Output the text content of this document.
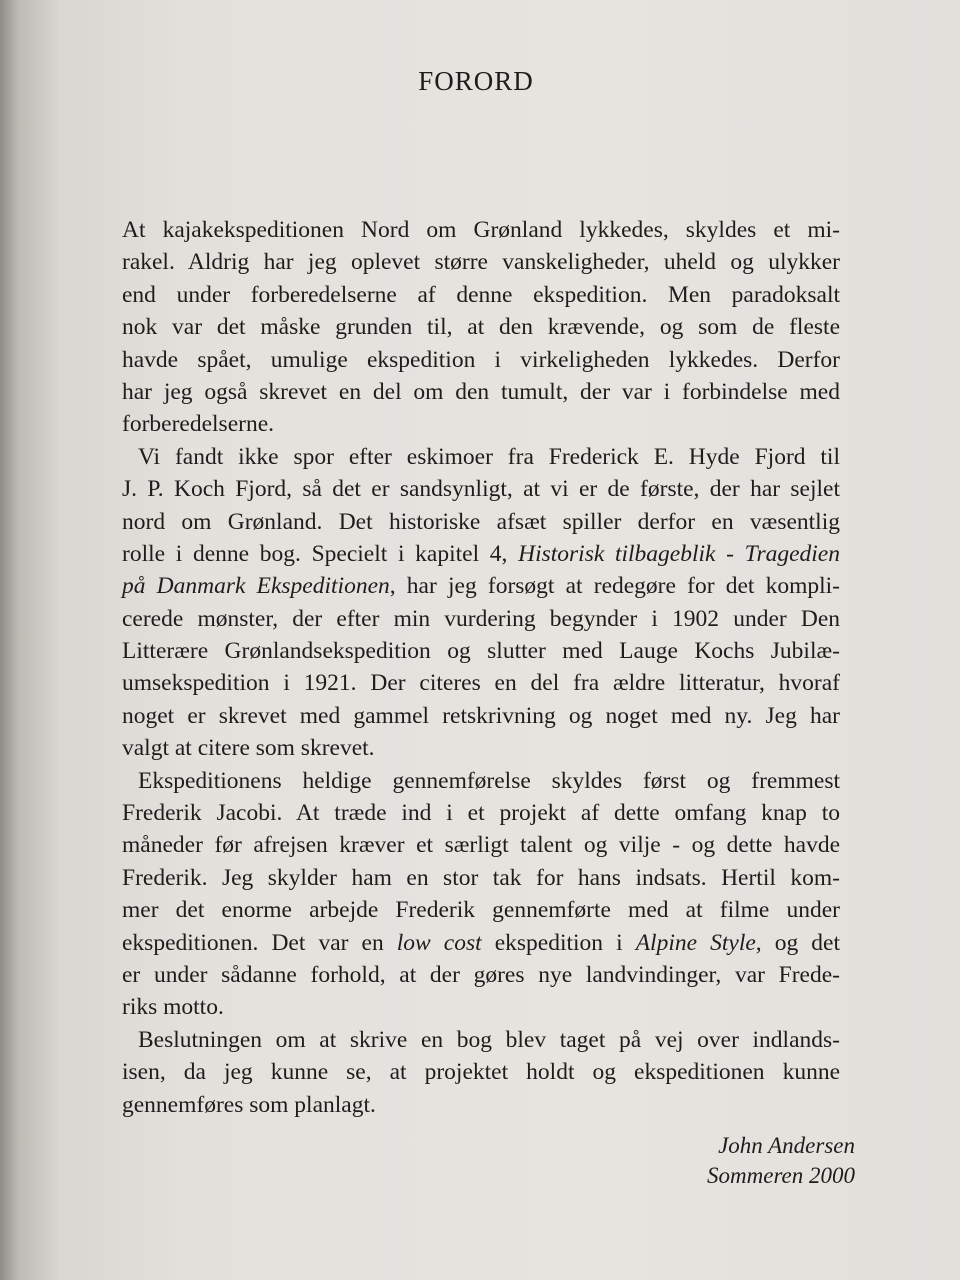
FORORD
At kajakekspeditionen Nord om Grønland lykkedes, skyldes et mi-
rakel. Aldrig har jeg oplevet større vanskeligheder, uheld og ulykker
end under forberedelserne af denne ekspedition. Men paradoksalt
nok var det måske grunden til, at den krævende, og som de fleste
havde spået, umulige ekspedition i virkeligheden lykkedes. Derfor
har jeg også skrevet en del om den tumult, der var i forbindelse med
forberedelserne.
Vi fandt ikke spor efter eskimoer fra Frederick E. Hyde Fjord til
J. P. Koch Fjord, så det er sandsynligt, at vi er de første, der har sejlet
nord om Grønland. Det historiske afsæt spiller derfor en væsentlig
rolle i denne bog. Specielt i kapitel 4, Historisk tilbageblik - Tragedien
på Danmark Ekspeditionen, har jeg forsøgt at redegøre for det kompli-
cerede mønster, der efter min vurdering begynder i 1902 under Den
Litterære Grønlandsekspedition og slutter med Lauge Kochs Jubilæ-
umsekspedition i 1921. Der citeres en del fra ældre litteratur, hvoraf
noget er skrevet med gammel retskrivning og noget med ny. Jeg har
valgt at citere som skrevet.
Ekspeditionens heldige gennemførelse skyldes først og fremmest
Frederik Jacobi. At træde ind i et projekt af dette omfang knap to
måneder før afrejsen kræver et særligt talent og vilje - og dette havde
Frederik. Jeg skylder ham en stor tak for hans indsats. Hertil kom-
mer det enorme arbejde Frederik gennemførte med at filme under
ekspeditionen. Det var en low cost ekspedition i Alpine Style, og det
er under sådanne forhold, at der gøres nye landvindinger, var Frede-
riks motto.
Beslutningen om at skrive en bog blev taget på vej over indlands-
isen, da jeg kunne se, at projektet holdt og ekspeditionen kunne
gennemføres som planlagt.
John Andersen
Sommeren 2000
